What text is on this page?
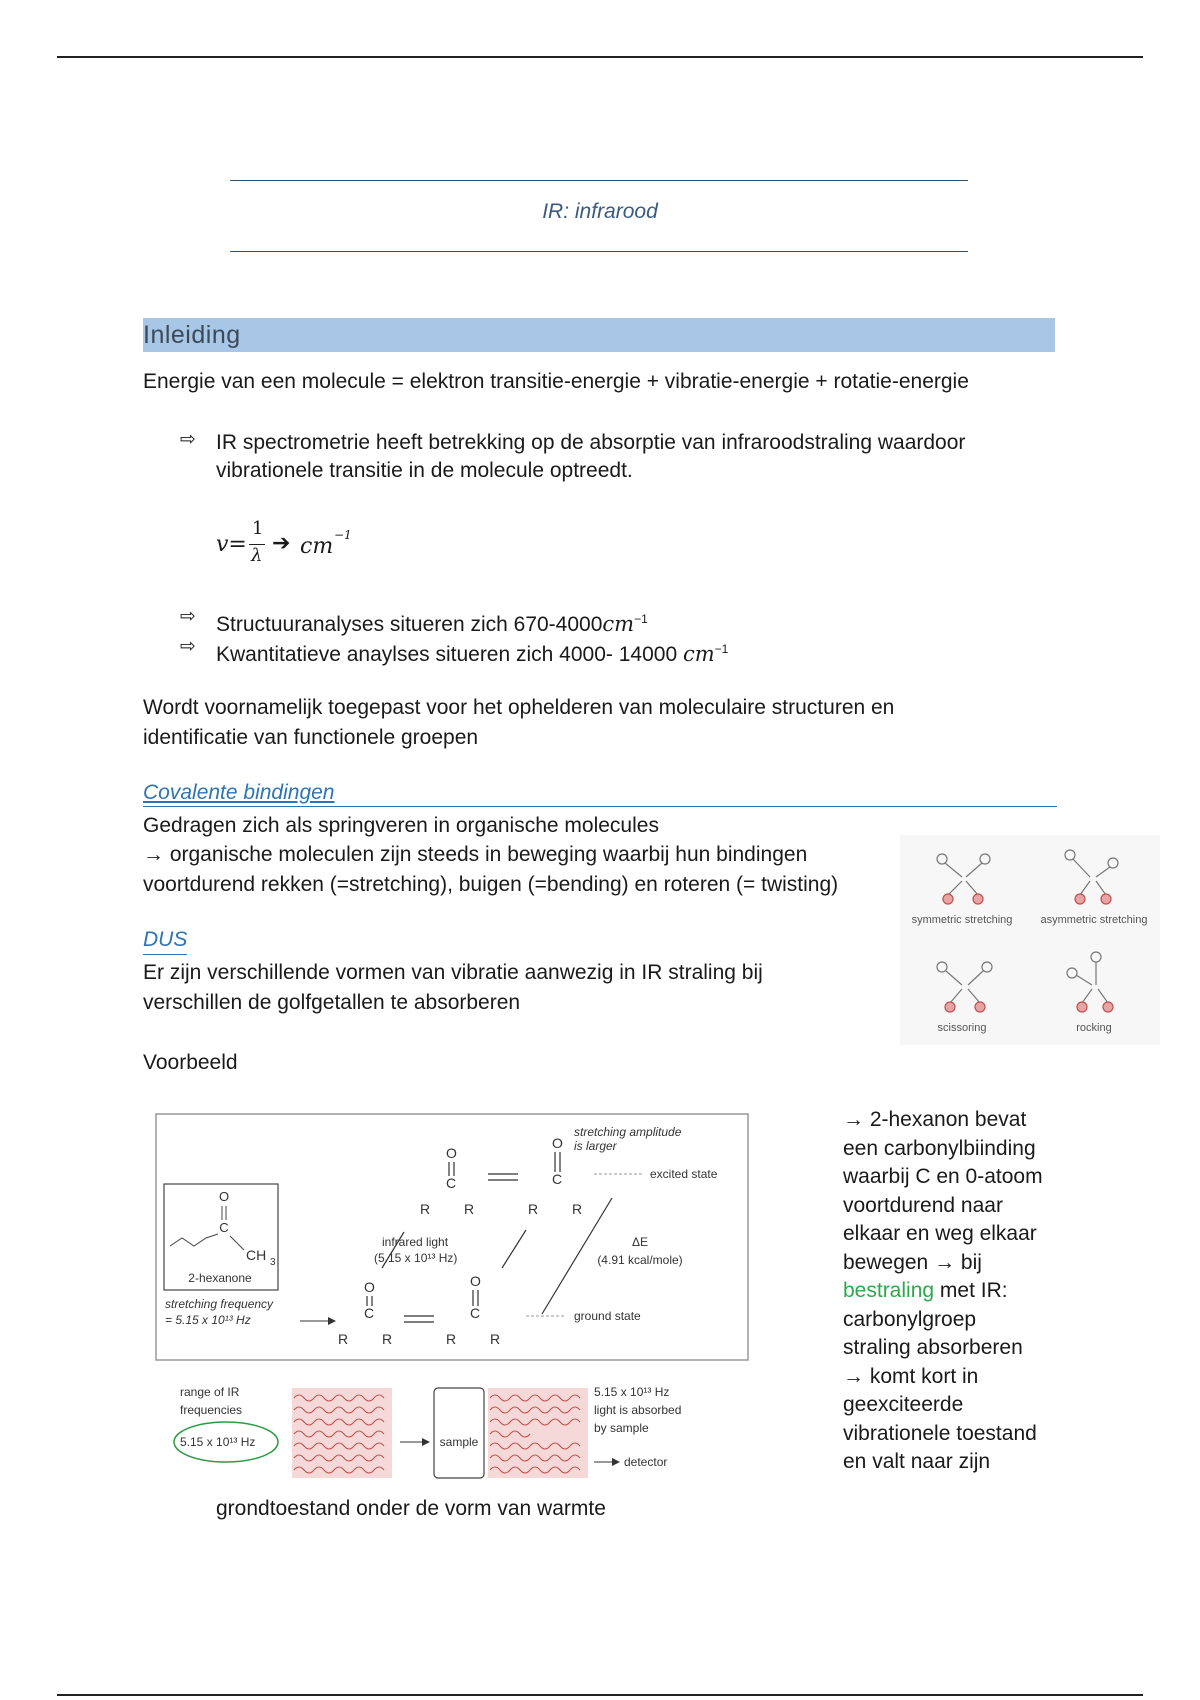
IR: infrarood
Inleiding
Energie van een molecule = elektron transitie-energie + vibratie-energie + rotatie-energie
⇨ IR spectrometrie heeft betrekking op de absorptie van infraroodstraling waardoor
vibrationele transitie in de molecule optreedt.
v=
1
λ ➔ cm −1
⇨ Structuuranalyses situeren zich $670-4000cm^{-1}$
⇨ Kwantitatieve anaylses situeren zich 4000- 14000 $cm^{-1}$
Wordt voornamelijk toegepast voor het ophelderen van moleculaire structuren en
identificatie van functionele groepen
Covalente bindingen
Gedragen zich als springveren in organische molecules
→ organische moleculen zijn steeds in beweging waarbij hun bindingen
voortdurend rekken (=stretching), buigen (=bending) en roteren (= twisting)
DUS
Er zijn verschillende vormen van vibratie aanwezig in IR straling bij
verschillen de golfgetallen te absorberen
Voorbeeld
symmetric stretching	asymmetric stretching
scissoring	rocking
O
C
CH 3
2-hexanone
stretching frequency
= 5.15 x 10¹³ Hz
O
C
R R
O
C
R R
O
C
R R
O
C
R R
infrared light
(5.15 x 10¹³ Hz)
stretching amplitude
is larger
excited state
ground state
ΔE
(4.91 kcal/mole)
range of IR
frequencies
5.15 x 10¹³ Hz	sample
5.15 x 10¹³ Hz
light is absorbed
by sample
detector
→ 2-hexanon bevat
een carbonylbiinding
waarbij C en 0-atoom
voortdurend naar
elkaar en weg elkaar
bewegen → bij
bestraling met IR:
carbonylgroep
straling absorberen
→ komt kort in
geexciteerde
vibrationele toestand
en valt naar zijn
grondtoestand onder de vorm van warmte
